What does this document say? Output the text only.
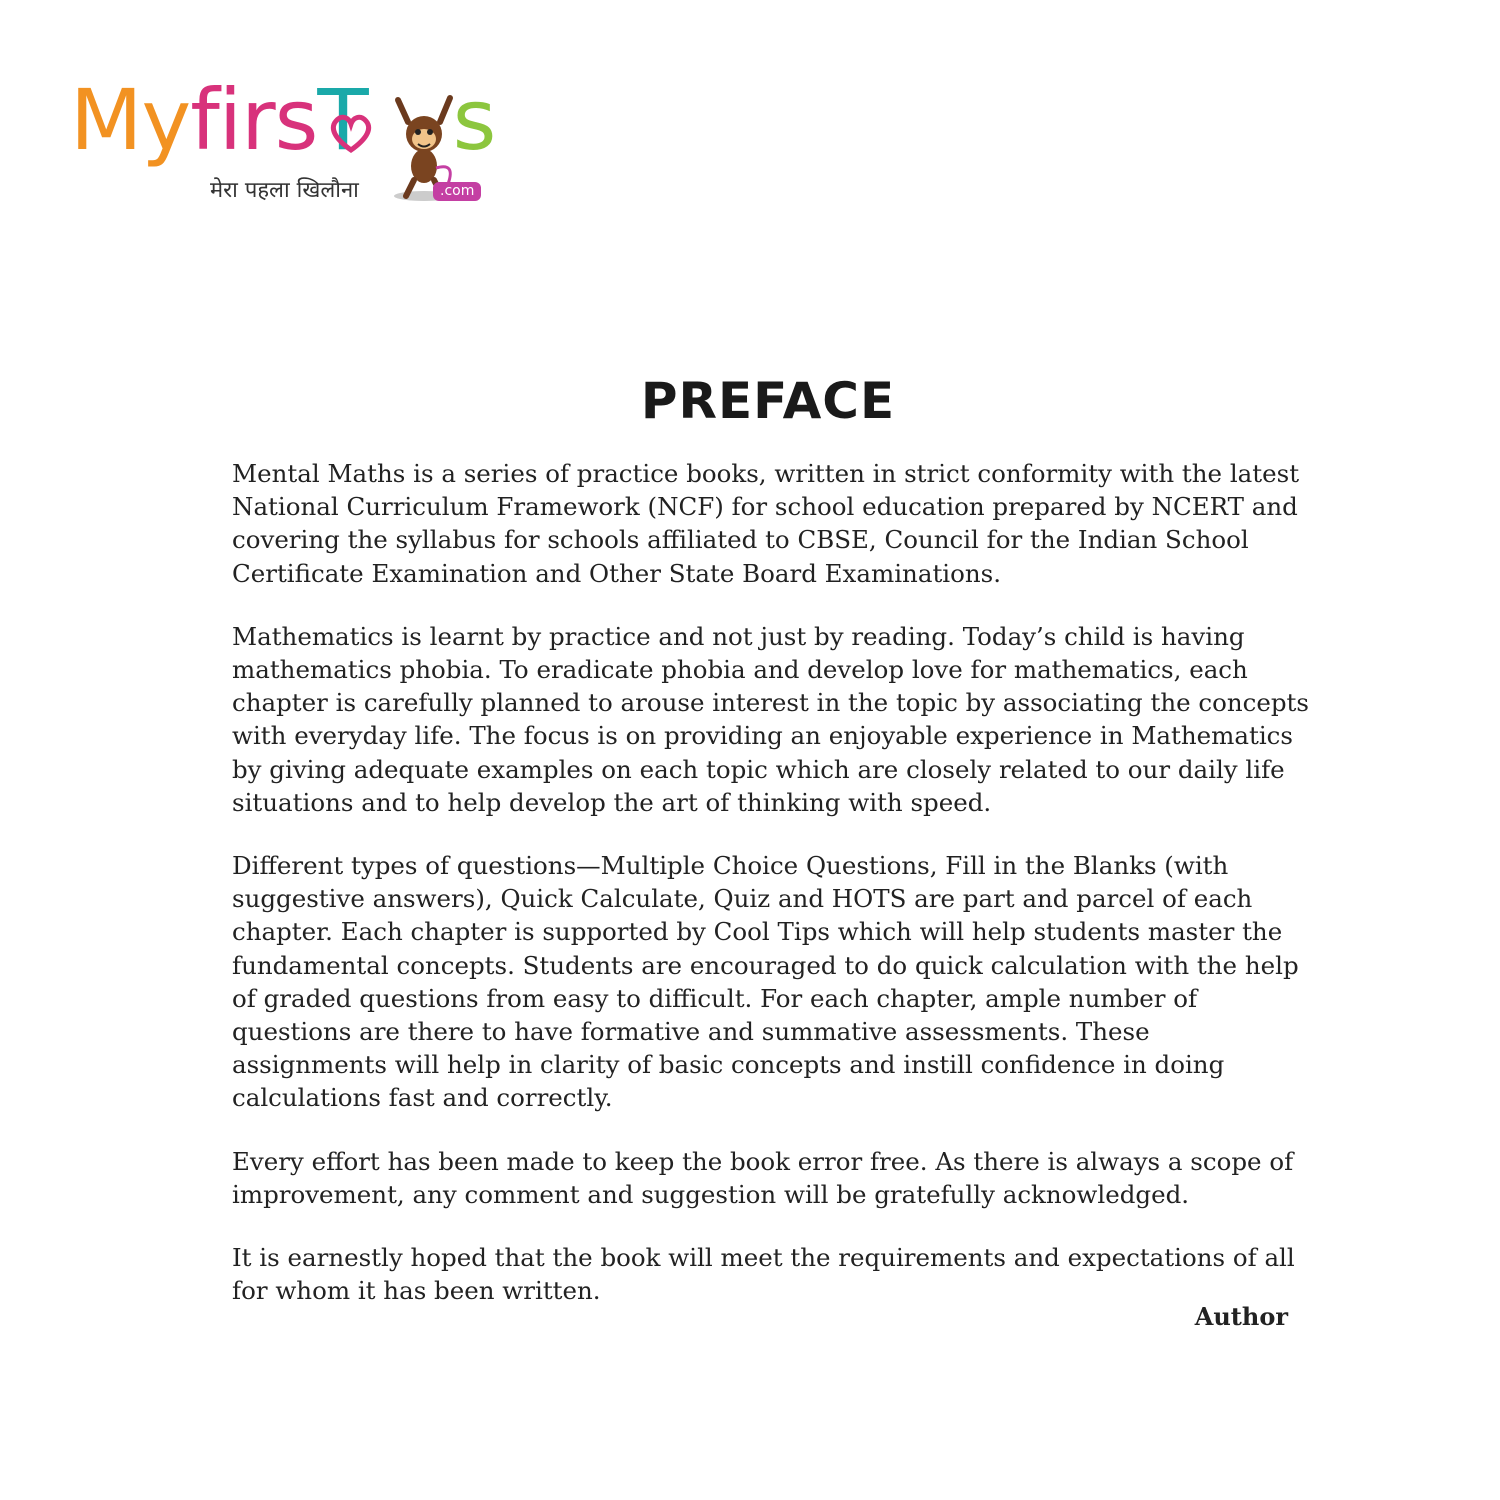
MyfirsT s
मेरा पहला खिलौना	.com
PREFACE

Mental Maths is a series of practice books, written in strict conformity with the latest National Curriculum Framework (NCF) for school education prepared by NCERT and covering the syllabus for schools affiliated to CBSE, Council for the Indian School Certificate Examination and Other State Board Examinations.

Mathematics is learnt by practice and not just by reading. Today’s child is having mathematics phobia. To eradicate phobia and develop love for mathematics, each chapter is carefully planned to arouse interest in the topic by associating the concepts with everyday life. The focus is on providing an enjoyable experience in Mathematics by giving adequate examples on each topic which are closely related to our daily life situations and to help develop the art of thinking with speed.

Different types of questions—Multiple Choice Questions, Fill in the Blanks (with suggestive answers), Quick Calculate, Quiz and HOTS are part and parcel of each chapter. Each chapter is supported by Cool Tips which will help students master the fundamental concepts. Students are encouraged to do quick calculation with the help of graded questions from easy to difficult. For each chapter, ample number of questions are there to have formative and summative assessments. These assignments will help in clarity of basic concepts and instill confidence in doing calculations fast and correctly.

Every effort has been made to keep the book error free. As there is always a scope of improvement, any comment and suggestion will be gratefully acknowledged.

It is earnestly hoped that the book will meet the requirements and expectations of all for whom it has been written.

Author
